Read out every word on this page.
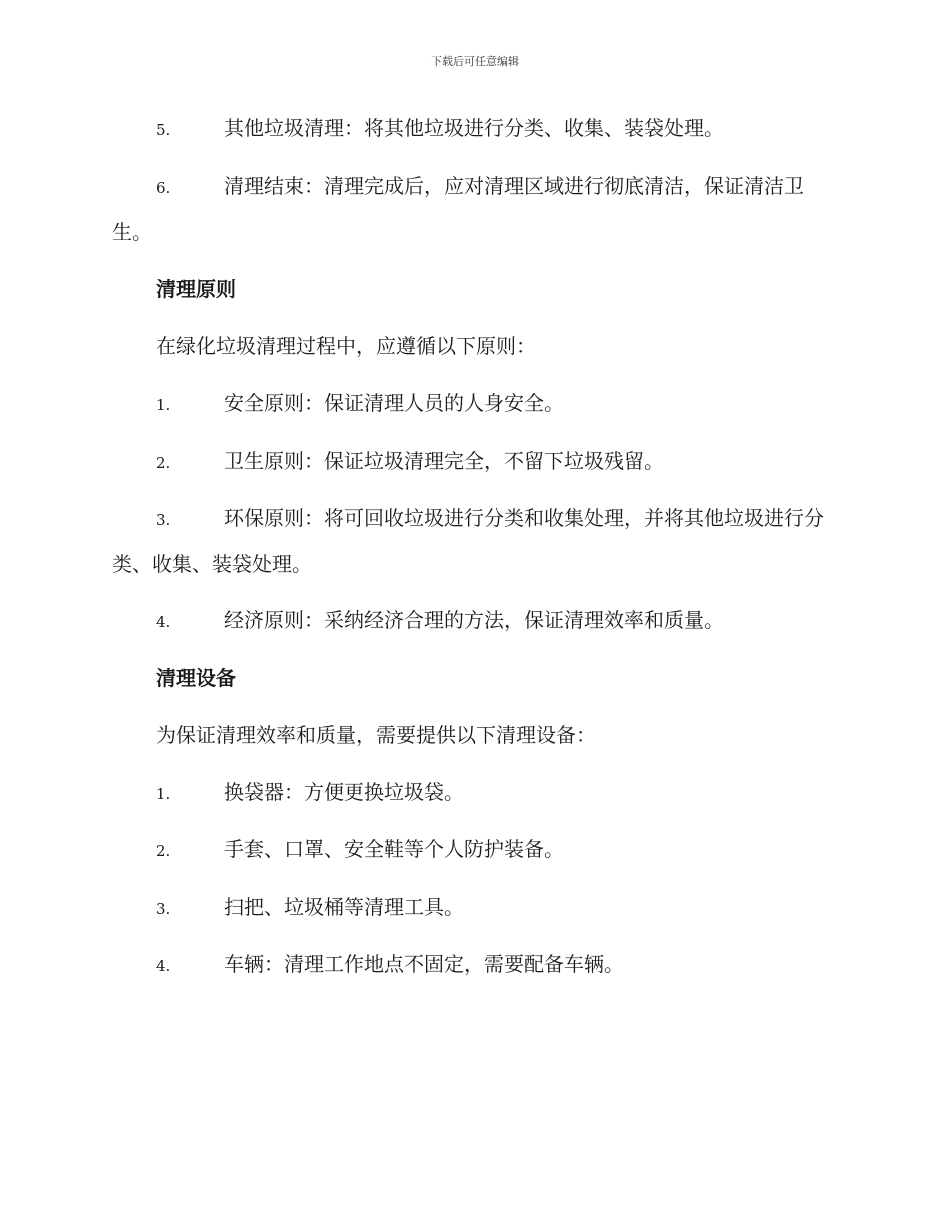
下载后可任意编辑
5.	其他垃圾清理：将其他垃圾进行分类、收集、装袋处理。
6.	清理结束：清理完成后，应对清理区域进行彻底清洁，保证清洁卫生。
清理原则
在绿化垃圾清理过程中，应遵循以下原则：
1.	安全原则：保证清理人员的人身安全。
2.	卫生原则：保证垃圾清理完全，不留下垃圾残留。
3.	环保原则：将可回收垃圾进行分类和收集处理，并将其他垃圾进行分类、收集、装袋处理。
4.	经济原则：采纳经济合理的方法，保证清理效率和质量。
清理设备
为保证清理效率和质量，需要提供以下清理设备：
1.	换袋器：方便更换垃圾袋。
2.	手套、口罩、安全鞋等个人防护装备。
3.	扫把、垃圾桶等清理工具。
4.	车辆：清理工作地点不固定，需要配备车辆。
